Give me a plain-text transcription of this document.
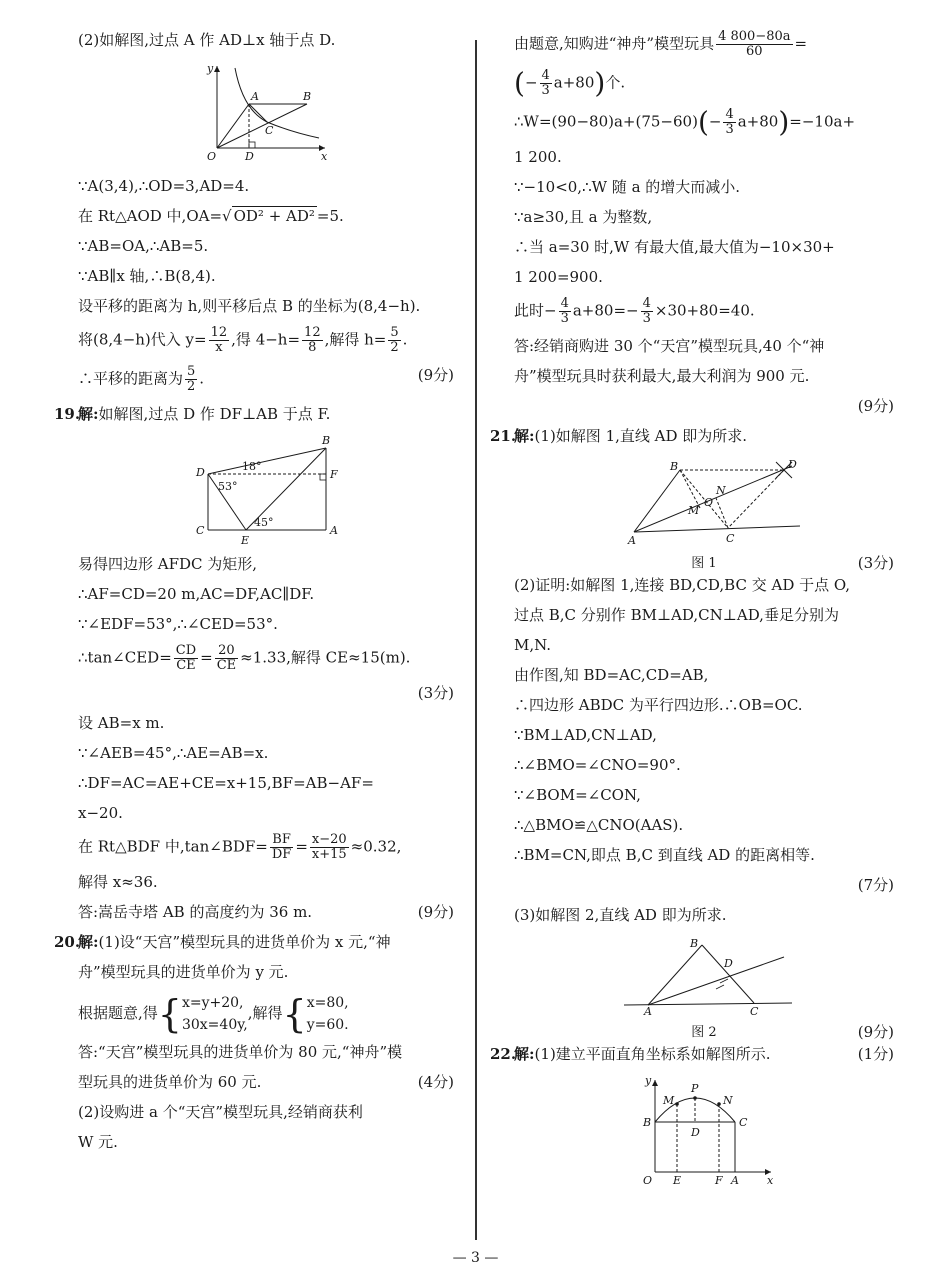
(2)如解图,过点 A 作 AD⊥x 轴于点 D.
y
x
O	D
A	B
C
∵A(3,4),∴OD=3,AD=4.
在 Rt△AOD 中,OA=√ OD² + AD² =5.
∵AB=OA,∴AB=5.
∵AB∥x 轴,∴B(8,4).
设平移的距离为 h,则平移后点 B 的坐标为(8,4−h).
将(8,4−h)代入 $y= \frac{12}{x}$ ,得 $4-h= \frac{12}{8}$ ,解得 $h= \frac{5}{2}$ .
∴平移的距离为 $\frac{5}{2}$ .	(9分)
19.
解:如解图,过点 D 作 DF⊥AB 于点 F.
B
D	F
C
E
A
18°
53°
45°
易得四边形 AFDC 为矩形,
∴AF=CD=20 m,AC=DF,AC∥DF.
∵∠EDF=53°,∴∠CED=53°.
∴tan∠CED= $\frac{CD}{CE} = \frac{20}{CE} \approx 1.33$,解得 CE≈15(m).
(3分)
设 AB=x m.
∵∠AEB=45°,∴AE=AB=x.
∴DF=AC=AE+CE=x+15,BF=AB−AF=
x−20.
在 Rt△BDF 中,tan∠BDF= $\frac{BF}{DF} = \frac{x-20}{x+15} \approx 0.32$,
解得 x≈36.
答:嵩岳寺塔 AB 的高度约为 36 m.	(9分)
20.
解:(1)设“天宫”模型玩具的进货单价为 x 元,“神
舟”模型玩具的进货单价为 y 元.
根据题意,得{x=y+20,
30x=40y,,解得{x=80,
y=60.
答:“天宫”模型玩具的进货单价为 80 元,“神舟”模
型玩具的进货单价为 60 元.	(4分)
(2)设购进 a 个“天宫”模型玩具,经销商获利
W 元.
由题意,知购进“神舟”模型玩具 $\frac{4 800-80a}{60}$ =
(− $\frac{4}{3} a+80$)个.
∴W=(90−80)a+(75−60)(− $\frac{4}{3} a+80)=-10a+$
1 200.
∵−10<0,∴W 随 a 的增大而减小.
∵a≥30,且 a 为整数,
∴当 a=30 时,W 有最大值,最大值为−10×30+
1 200=900.
此时− $\frac{4}{3} a+80=- \frac{4}{3} \times 30+80=40$.
答:经销商购进 30 个“天宫”模型玩具,40 个“神
舟”模型玩具时获利最大,最大利润为 900 元.
(9分)
21.
解:(1)如解图 1,直线 AD 即为所求.
B	D
N
O
M
A	C
图 1	(3分)
(2)证明:如解图 1,连接 BD,CD,BC 交 AD 于点 O,
过点 B,C 分别作 BM⊥AD,CN⊥AD,垂足分别为
M,N.
由作图,知 BD=AC,CD=AB,
∴四边形 ABDC 为平行四边形.∴OB=OC.
∵BM⊥AD,CN⊥AD,
∴∠BMO=∠CNO=90°.
∵∠BOM=∠CON,
∴△BMO≌△CNO(AAS).
∴BM=CN,即点 B,C 到直线 AD 的距离相等.
(7分)
(3)如解图 2,直线 AD 即为所求.
B
D
A	C
图 2	(9分)
22.
解:(1)建立平面直角坐标系如解图所示.	(1分)
y
P
M	N
B	C
D
O E	F A	x
— 3 —
